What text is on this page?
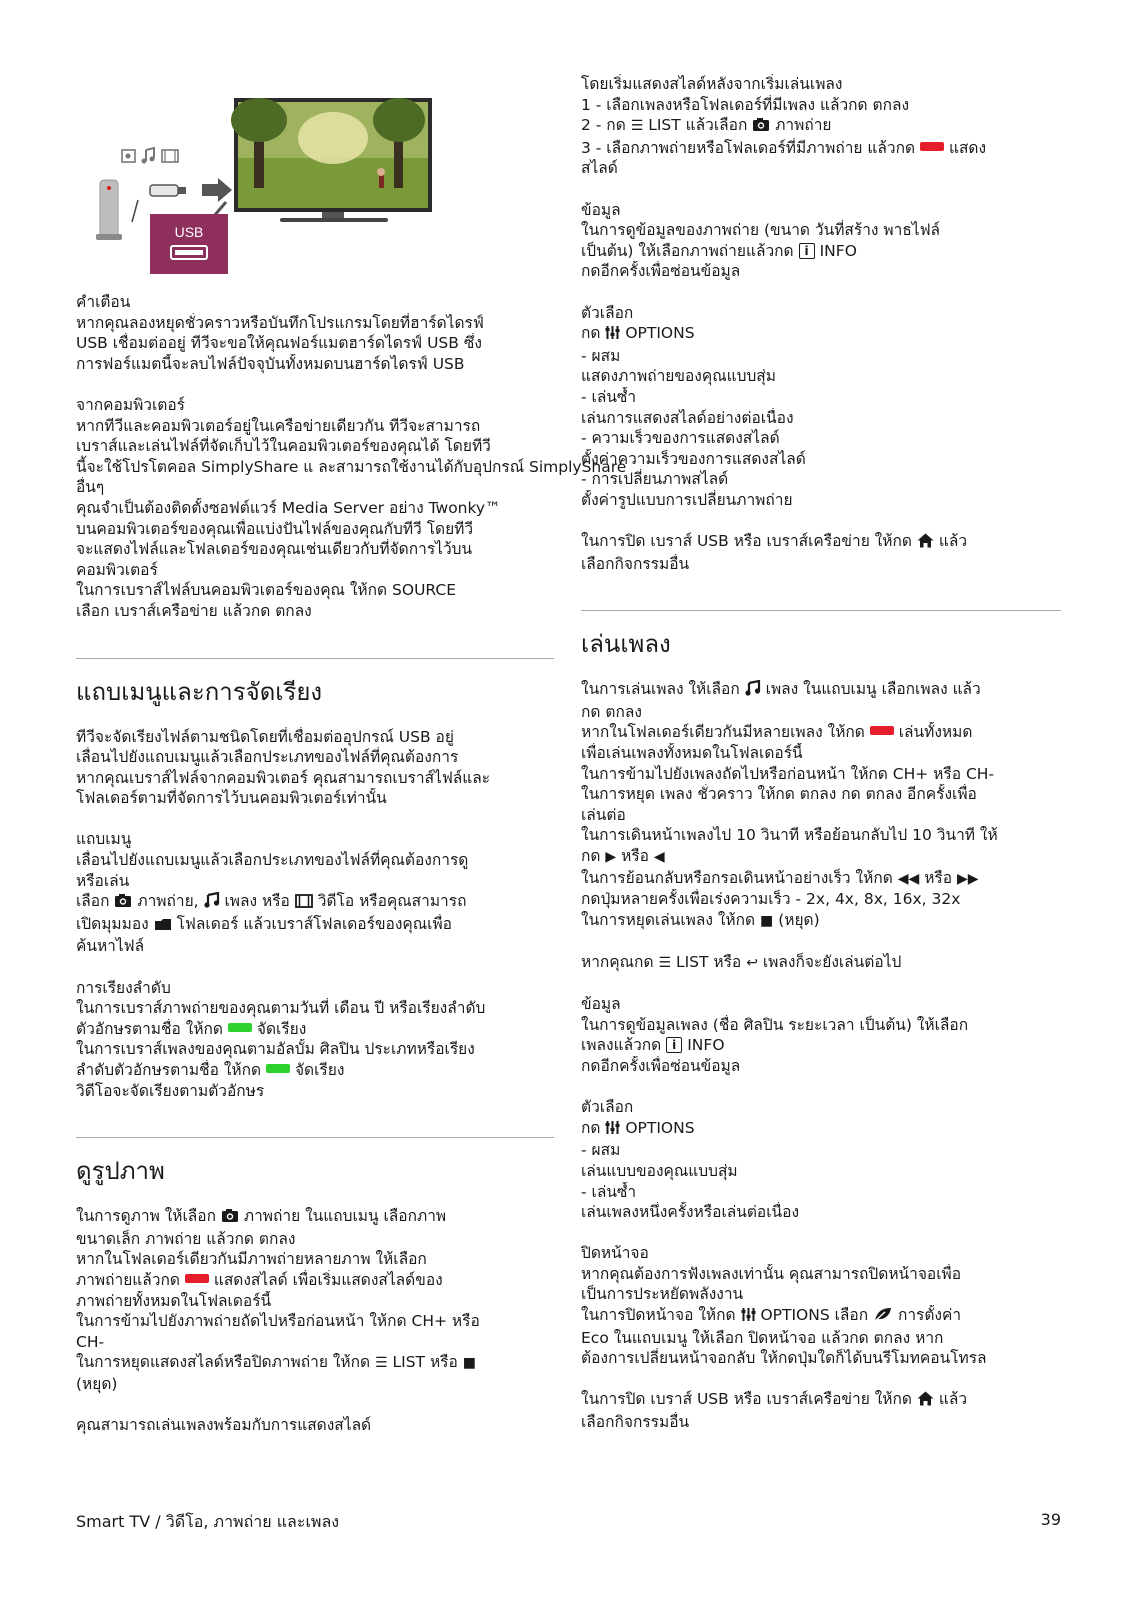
USB
คำเตือน
หากคุณลองหยุดชั่วคราวหรือบันทึกโปรแกรมโดยที่ฮาร์ดไดรฟ์
USB เชื่อมต่ออยู่ ทีวีจะขอให้คุณฟอร์แมตฮาร์ดไดรฟ์ USB ซึ่ง
การฟอร์แมตนี้จะลบไฟล์ปัจจุบันทั้งหมดบนฮาร์ดไดรฟ์ USB
จากคอมพิวเตอร์
หากทีวีและคอมพิวเตอร์อยู่ในเครือข่ายเดียวกัน ทีวีจะสามารถ
เบราส์และเล่นไฟล์ที่จัดเก็บไว้ในคอมพิวเตอร์ของคุณได้ โดยทีวี
นี้จะใช้โปรโตคอล SimplyShare แ ละสามารถใช้งานได้กับอุปกรณ์ SimplyShare
อื่นๆ
คุณจำเป็นต้องติดตั้งซอฟต์แวร์ Media Server อย่าง Twonky™
บนคอมพิวเตอร์ของคุณเพื่อแบ่งปันไฟล์ของคุณกับทีวี โดยทีวี
จะแสดงไฟล์และโฟลเดอร์ของคุณเช่นเดียวกับที่จัดการไว้บน
คอมพิวเตอร์
ในการเบราส์ไฟล์บนคอมพิวเตอร์ของคุณ ให้กด SOURCE
เลือก เบราส์เครือข่าย แล้วกด ตกลง
แถบเมนูและการจัดเรียง
ทีวีจะจัดเรียงไฟล์ตามชนิดโดยที่เชื่อมต่ออุปกรณ์ USB อยู่
เลื่อนไปยังแถบเมนูแล้วเลือกประเภทของไฟล์ที่คุณต้องการ
หากคุณเบราส์ไฟล์จากคอมพิวเตอร์ คุณสามารถเบราส์ไฟล์และ
โฟลเดอร์ตามที่จัดการไว้บนคอมพิวเตอร์เท่านั้น
แถบเมนู
เลื่อนไปยังแถบเมนูแล้วเลือกประเภทของไฟล์ที่คุณต้องการดู
หรือเล่น
เลือก ภาพถ่าย, เพลง หรือ วิดีโอ หรือคุณสามารถ
เปิดมุมมอง โฟลเดอร์ แล้วเบราส์โฟลเดอร์ของคุณเพื่อ
ค้นหาไฟล์
การเรียงลำดับ
ในการเบราส์ภาพถ่ายของคุณตามวันที่ เดือน ปี หรือเรียงลำดับ
ตัวอักษรตามชื่อ ให้กด จัดเรียง
ในการเบราส์เพลงของคุณตามอัลบั้ม ศิลปิน ประเภทหรือเรียง
ลำดับตัวอักษรตามชื่อ ให้กด จัดเรียง
วิดีโอจะจัดเรียงตามตัวอักษร
ดูรูปภาพ
ในการดูภาพ ให้เลือก ภาพถ่าย ในแถบเมนู เลือกภาพ
ขนาดเล็ก ภาพถ่าย แล้วกด ตกลง
หากในโฟลเดอร์เดียวกันมีภาพถ่ายหลายภาพ ให้เลือก
ภาพถ่ายแล้วกด แสดงสไลด์ เพื่อเริ่มแสดงสไลด์ของ
ภาพถ่ายทั้งหมดในโฟลเดอร์นี้
ในการข้ามไปยังภาพถ่ายถัดไปหรือก่อนหน้า ให้กด CH+ หรือ
CH-
ในการหยุดแสดงสไลด์หรือปิดภาพถ่าย ให้กด ☰ LIST หรือ ■
(หยุด)
คุณสามารถเล่นเพลงพร้อมกับการแสดงสไลด์
โดยเริ่มแสดงสไลด์หลังจากเริ่มเล่นเพลง
1 - เลือกเพลงหรือโฟลเดอร์ที่มีเพลง แล้วกด ตกลง
2 - กด ☰ LIST แล้วเลือก ภาพถ่าย
3 - เลือกภาพถ่ายหรือโฟลเดอร์ที่มีภาพถ่าย แล้วกด แสดง
สไลด์
ข้อมูล
ในการดูข้อมูลของภาพถ่าย (ขนาด วันที่สร้าง พาธไฟล์
เป็นต้น) ให้เลือกภาพถ่ายแล้วกด i INFO
กดอีกครั้งเพื่อซ่อนข้อมูล
ตัวเลือก
กด OPTIONS
- ผสม
แสดงภาพถ่ายของคุณแบบสุ่ม
- เล่นซ้ำ
เล่นการแสดงสไลด์อย่างต่อเนื่อง
- ความเร็วของการแสดงสไลด์
ตั้งค่าความเร็วของการแสดงสไลด์
- การเปลี่ยนภาพสไลด์
ตั้งค่ารูปแบบการเปลี่ยนภาพถ่าย
ในการปิด เบราส์ USB หรือ เบราส์เครือข่าย ให้กด แล้ว
เลือกกิจกรรมอื่น
เล่นเพลง
ในการเล่นเพลง ให้เลือก เพลง ในแถบเมนู เลือกเพลง แล้ว
กด ตกลง
หากในโฟลเดอร์เดียวกันมีหลายเพลง ให้กด เล่นทั้งหมด
เพื่อเล่นเพลงทั้งหมดในโฟลเดอร์นี้
ในการข้ามไปยังเพลงถัดไปหรือก่อนหน้า ให้กด CH+ หรือ CH-
ในการหยุด เพลง ชั่วคราว ให้กด ตกลง กด ตกลง อีกครั้งเพื่อ
เล่นต่อ
ในการเดินหน้าเพลงไป 10 วินาที หรือย้อนกลับไป 10 วินาที ให้
กด ▶ หรือ ◀
ในการย้อนกลับหรือกรอเดินหน้าอย่างเร็ว ให้กด ◀◀ หรือ ▶▶
กดปุ่มหลายครั้งเพื่อเร่งความเร็ว - 2x, 4x, 8x, 16x, 32x
ในการหยุดเล่นเพลง ให้กด ■ (หยุด)
หากคุณกด ☰ LIST หรือ ↩ เพลงก็จะยังเล่นต่อไป
ข้อมูล
ในการดูข้อมูลเพลง (ชื่อ ศิลปิน ระยะเวลา เป็นต้น) ให้เลือก
เพลงแล้วกด i INFO
กดอีกครั้งเพื่อซ่อนข้อมูล
ตัวเลือก
กด OPTIONS
- ผสม
เล่นแบบของคุณแบบสุ่ม
- เล่นซ้ำ
เล่นเพลงหนึ่งครั้งหรือเล่นต่อเนื่อง
ปิดหน้าจอ
หากคุณต้องการฟังเพลงเท่านั้น คุณสามารถปิดหน้าจอเพื่อ
เป็นการประหยัดพลังงาน
ในการปิดหน้าจอ ให้กด OPTIONS เลือก การตั้งค่า
Eco ในแถบเมนู ให้เลือก ปิดหน้าจอ แล้วกด ตกลง หาก
ต้องการเปลี่ยนหน้าจอกลับ ให้กดปุ่มใดก็ได้บนรีโมทคอนโทรล
ในการปิด เบราส์ USB หรือ เบราส์เครือข่าย ให้กด แล้ว
เลือกกิจกรรมอื่น
Smart TV / วิดีโอ, ภาพถ่าย และเพลง	39
